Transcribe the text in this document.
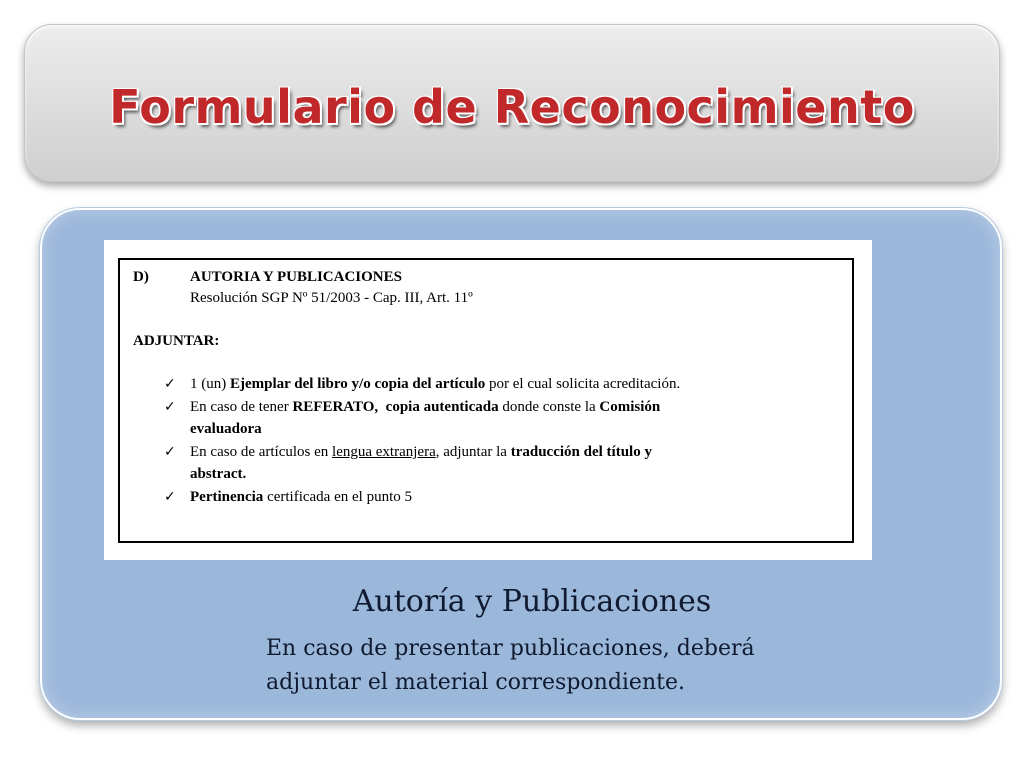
Formulario de Reconocimiento
D)	AUTORIA Y PUBLICACIONES
Resolución SGP Nº 51/2003 - Cap. III, Art. 11º
ADJUNTAR:
✓ 1 (un) Ejemplar del libro y/o copia del artículo por el cual solicita acreditación.
✓ En caso de tener REFERATO, copia autenticada donde conste la Comisión
evaluadora
✓ En caso de artículos en lengua extranjera, adjuntar la traducción del título y
abstract.
✓ Pertinencia certificada en el punto 5
Autoría y Publicaciones
En caso de presentar publicaciones, deberá adjuntar el material correspondiente.
